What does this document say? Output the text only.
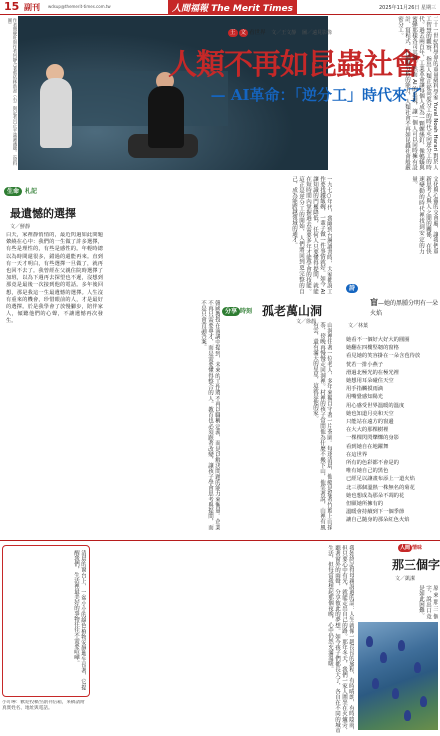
15 副刊 wdsup@themerit-times.com.tw	人間福報 The Merit Times	2025年11月26日 星期三
作者簡慶旺與作者何靜合著蔡依林新書（右）與記者呂正平談論議題。（資料圖）
王 文 看世界 文／王文靜 圖／遠見影像
人類不再如昆蟲社會
— AI革命：「逆分工」時代來了	二十一世紀科學界的重量級科學家 Yuval Noah Harari 對於人工智慧的觀察，指出人類正從高度分工的時代走向逆分工的時代。過去兩百年，工業革命讓每個人成為一顆螺絲釘，像螞蟻與蜜蜂那樣各司其職。然而 AI 的出現，讓一個人可以同時擁有設計、寫程式、行銷與分析的能力，人類社會不再如昆蟲社會般嚴密分工。
生命 札記
最遺憾的選擇
文／鮮靜
白天，家裡靜悄悄的，最近閃過如此問題縈繞在心中：我們的一生做了許多選擇，有些是理性的，有些是感性的。年輕時總以為時間還很多，錯過的還能再來。直到有一天才明白，有些選擇一旦做了，就再也回不去了。我曾經在父親住院時選擇了加班，以為下週再去探望也不遲，沒想到那竟是最後一次接到他的電話。多年後回想，那是我這一生最遺憾的選擇。人生沒有重來的機會，珍惜眼前的人，才是最好的選擇。於是我學會了放慢腳步，陪伴家人，傾聽他們的心聲，不讓遺憾再次發生。
一九七○年代，我剛到台灣讀書時，大家都說工作要找鐵飯碗，一輩子做一件事情就好。如今 AI 讓知識的門檻降低，任何人只要懂得提問，就能在短時間內掌握過去需要多年才能學會的技能。這正是逆分工的開始，人們將回到更完整的自己，成為能跨越領域的通才。
韓國教授在演講中提到，未來的工作將不再以職稱定義，而是以解決問題的能力來衡量。企業不再只需要專才，而是需要懂得整合的人。教育也必須跟著改變，讓孩子學會思考與提問，而不是只會背誦答案。	分享 時刻 孤老萬山洞
文／徐靜	山洞裡住著一位老人，多年來獨自守著一片茶園。每逢清晨，他總是提著竹籃上山採茶，傍晚再慢慢走回洞裡。村裡的孩子常問他為什麼不搬下山，他笑著說，山裡有風有雲，還有滿天的星星，這就是他的家。
文化與心靈的交會處，讓我們重新思考人與人之間的關係，在快速變動的時代裡找到安定的力量。
詩
盲—她的黑腫分明有一朵火焰
文／林葉
她看不一個好大好大的圓圈
她翻在四樓堅韌的窗格
看見她的笑容掛在一朵含苞待放
恍若一排小燕子
滑過北極光的在極光裡
她想用耳朵碰住天空
用手指觸摸雨滴
用嘴覺感知陽光
用心感受世界溫暖的溫度
她也知道月亮和天空
只能站在遠方的窗邊
在大大的那棵樹裡
一棵棵閃閃爍爍的身影
看到她自在地躍舞
在這世界
所有的色彩都不會是的
唯有她自己的黑色
已經足以讓畫布添上一道火焰
北三那個溫熱一株無名的菊花
她也想成為那朵不凋的花
但願她所擁有的
溫暖會持續到下一個季節
讓自己隨身的那朵紅色火焰
清晨的窗台上，一盆小小的綠色植物安靜地生長著，它提醒我們，生活裡最美好的事物往往不需要喧嘩。	我始終記得母親說過的話：人生就像一趟長長的旅程，有時晴朗，有時陰雨，但只要心中有光，就能走出自己的路。那年冬天，我們一家人圍坐在火爐旁，聽著窗外的雨聲，分享彼此的夢想。如今孩子們都長大了，各自在不同的城市生活，但每當我想起那個夜晚，心中仍然充滿溫暖。	人間 情味
那三個字
文／凱潔
原來那三個字，說出口竟是如此困難。
小叮嚀：歡迎投稿至副刊信箱，來稿請附真實姓名、地址與電話。
